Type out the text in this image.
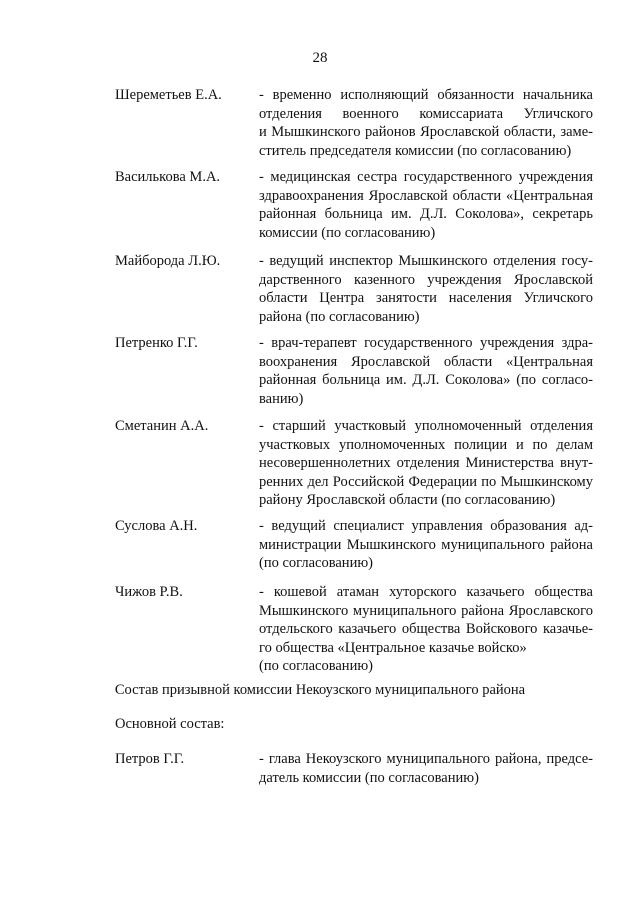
28
Шереметьев Е.А.	- временно исполняющий обязанности начальника
отделения военного комиссариата Угличского
и Мышкинского районов Ярославской области, заме-
ститель председателя комиссии (по согласованию)
Василькова М.А.	- медицинская сестра государственного учреждения
здравоохранения Ярославской области «Центральная
районная больница им. Д.Л. Соколова», секретарь
комиссии (по согласованию)
Майборода Л.Ю.	- ведущий инспектор Мышкинского отделения госу-
дарственного казенного учреждения Ярославской
области Центра занятости населения Угличского
района (по согласованию)
Петренко Г.Г.	- врач-терапевт государственного учреждения здра-
воохранения Ярославской области «Центральная
районная больница им. Д.Л. Соколова» (по согласо-
ванию)
Сметанин А.А.	- старший участковый уполномоченный отделения
участковых уполномоченных полиции и по делам
несовершеннолетних отделения Министерства внут-
ренних дел Российской Федерации по Мышкинскому
району Ярославской области (по согласованию)
Суслова А.Н.	- ведущий специалист управления образования ад-
министрации Мышкинского муниципального района
(по согласованию)
Чижов Р.В.	- кошевой атаман хуторского казачьего общества
Мышкинского муниципального района Ярославского
отдельского казачьего общества Войскового казачье-
го общества «Центральное казачье войско»
(по согласованию)
Состав призывной комиссии Некоузского муниципального района
Основной состав:
Петров Г.Г.	- глава Некоузского муниципального района, предсе-
датель комиссии (по согласованию)
